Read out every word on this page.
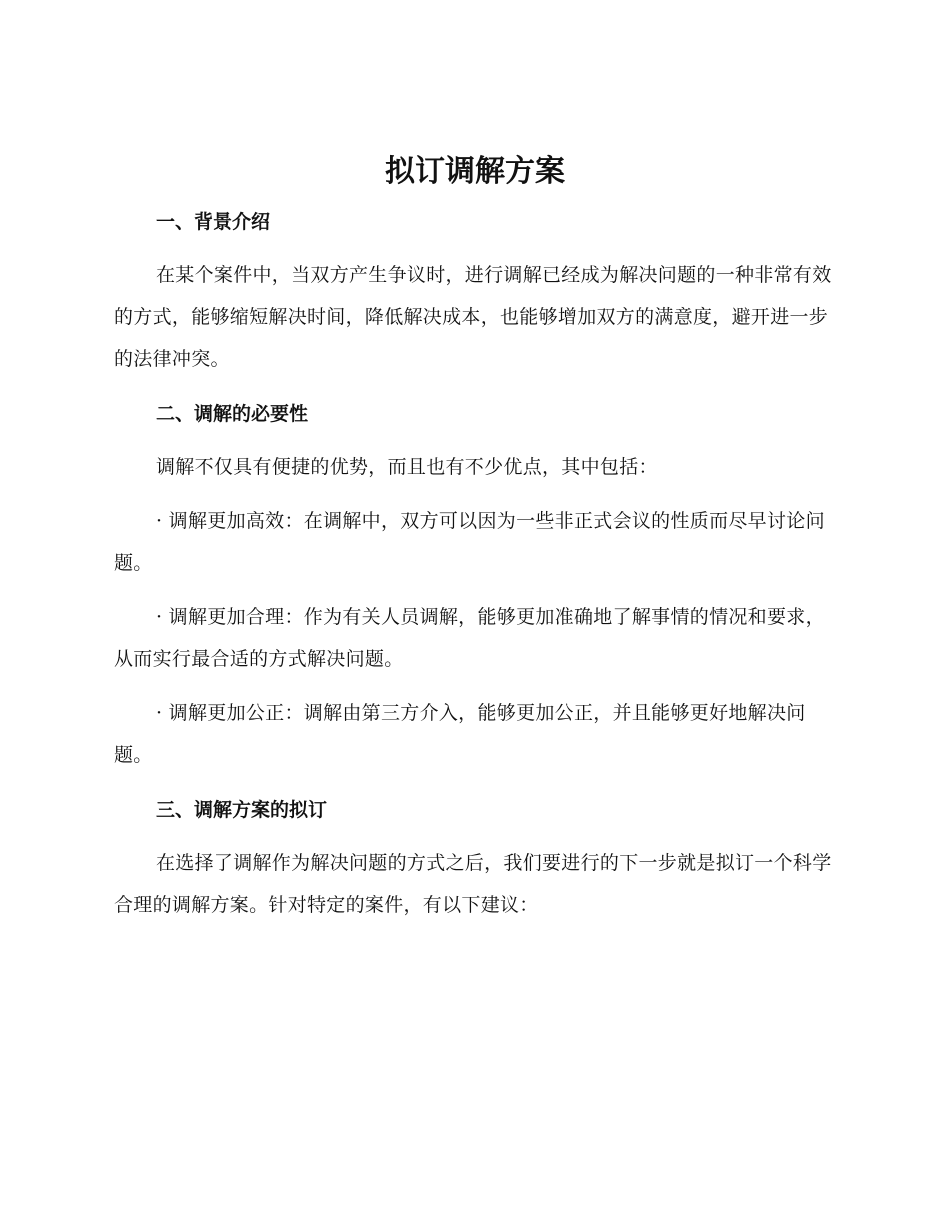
拟订调解方案
一、背景介绍

在某个案件中，当双方产生争议时，进行调解已经成为解决问题的一种非常有效的方式，能够缩短解决时间，降低解决成本，也能够增加双方的满意度，避开进一步的法律冲突。

二、调解的必要性

调解不仅具有便捷的优势，而且也有不少优点，其中包括：

· 调解更加高效：在调解中，双方可以因为一些非正式会议的性质而尽早讨论问题。

· 调解更加合理：作为有关人员调解，能够更加准确地了解事情的情况和要求，从而实行最合适的方式解决问题。

· 调解更加公正：调解由第三方介入，能够更加公正，并且能够更好地解决问题。

三、调解方案的拟订

在选择了调解作为解决问题的方式之后，我们要进行的下一步就是拟订一个科学合理的调解方案。针对特定的案件，有以下建议：
